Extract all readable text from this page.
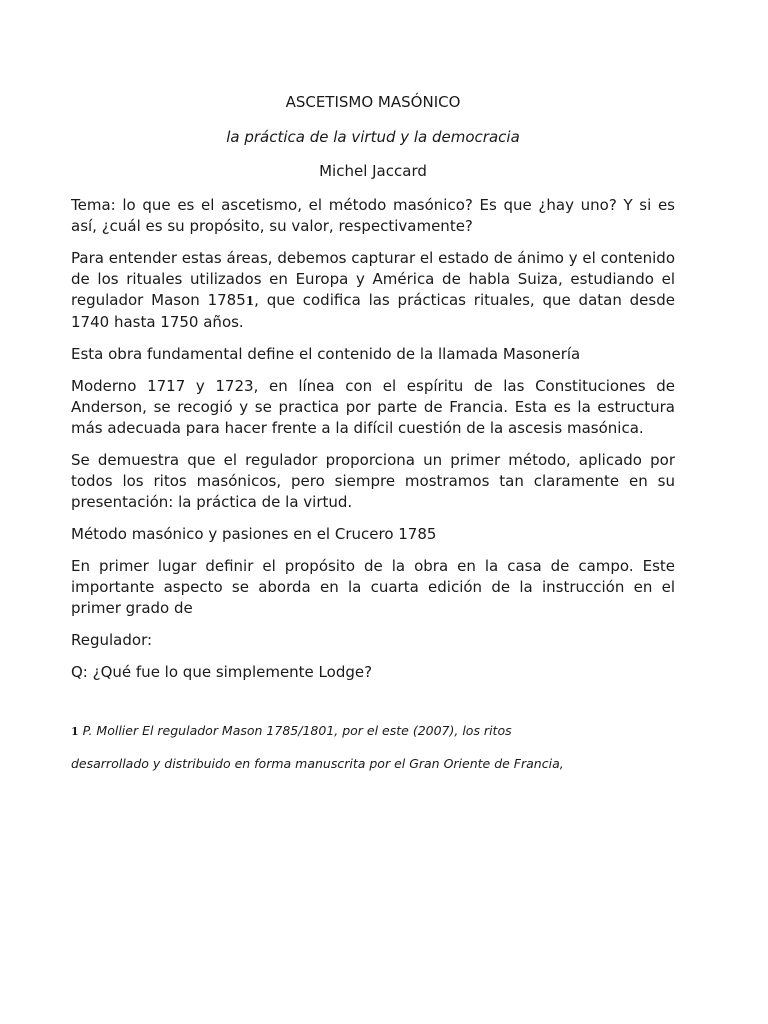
ASCETISMO MASÓNICO
la práctica de la virtud y la democracia
Michel Jaccard

Tema: lo que es el ascetismo, el método masónico? Es que ¿hay uno? Y si es así, ¿cuál es su propósito, su valor, respectivamente?

Para entender estas áreas, debemos capturar el estado de ánimo y el contenido de los rituales utilizados en Europa y América de habla Suiza, estudiando el regulador Mason 17851, que codifica las prácticas rituales, que datan desde 1740 hasta 1750 años.

Esta obra fundamental define el contenido de la llamada Masonería

Moderno 1717 y 1723, en línea con el espíritu de las Constituciones de Anderson, se recogió y se practica por parte de Francia. Esta es la estructura más adecuada para hacer frente a la difícil cuestión de la ascesis masónica.

Se demuestra que el regulador proporciona un primer método, aplicado por todos los ritos masónicos, pero siempre mostramos tan claramente en su presentación: la práctica de la virtud.

Método masónico y pasiones en el Crucero 1785

En primer lugar definir el propósito de la obra en la casa de campo. Este importante aspecto se aborda en la cuarta edición de la instrucción en el primer grado de

Regulador:

Q: ¿Qué fue lo que simplemente Lodge?

1 P. Mollier El regulador Mason 1785/1801, por el este (2007), los ritos
desarrollado y distribuido en forma manuscrita por el Gran Oriente de Francia,
